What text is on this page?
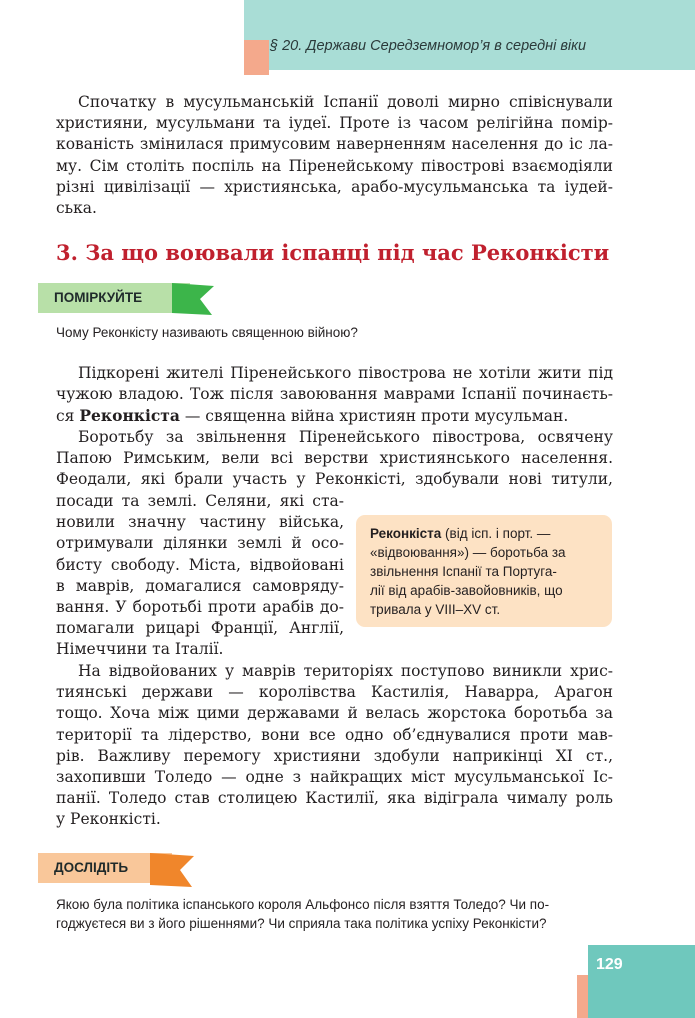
§ 20. Держави Середземномор’я в середні віки
Спочатку в мусульманській Іспанії доволі мирно співіснували
християни, мусульмани та іудеї. Проте із часом релігійна помір-
кованість змінилася примусовим наверненням населення до іс ла-
му. Сім століть поспіль на Піренейському півострові взаємодіяли
різні цивілізації — християнська, арабо-мусульманська та іудей-
ська.
3. За що воювали іспанці під час Реконкісти
ПОМІРКУЙТЕ
Чому Реконкісту називають священною війною?
Підкорені жителі Піренейського півострова не хотіли жити під
чужою владою. Тож після завоювання маврами Іспанії починаєть-
ся Реконкіста — священна війна християн проти мусульман.
Боротьбу за звільнення Піренейського півострова, освячену
Папою Римським, вели всі верстви християнського населення.
Феодали, які брали участь у Реконкісті, здобували нові титули,
посади та землі. Селяни, які ста-
новили значну частину війська,
отримували ділянки землі й осо-
бисту свободу. Міста, відвойовані
в маврів, домагалися самовряду-
вання. У боротьбі проти арабів до-
помагали рицарі Франції, Англії,
Німеччини та Італії.
Реконкіста (від ісп. і порт. —
«відвоювання») — боротьба за
звільнення Іспанії та Португа-
лії від арабів-завойовників, що
тривала у VIII–XV ст.
На відвойованих у маврів територіях поступово виникли хрис-
тиянські держави — королівства Кастилія, Наварра, Арагон
тощо. Хоча між цими державами й велась жорстока боротьба за
території та лідерство, вони все одно об’єднувалися проти мав-
рів. Важливу перемогу християни здобули наприкінці XI ст.,
захопивши Толедо — одне з найкращих міст мусульманської Іс-
панії. Толедо став столицею Кастилії, яка відіграла чималу роль
у Реконкісті.
ДОСЛІДІТЬ
Якою була політика іспанського короля Альфонсо після взяття Толедо? Чи по-
годжуєтеся ви з його рішеннями? Чи сприяла така політика успіху Реконкісти?
129
